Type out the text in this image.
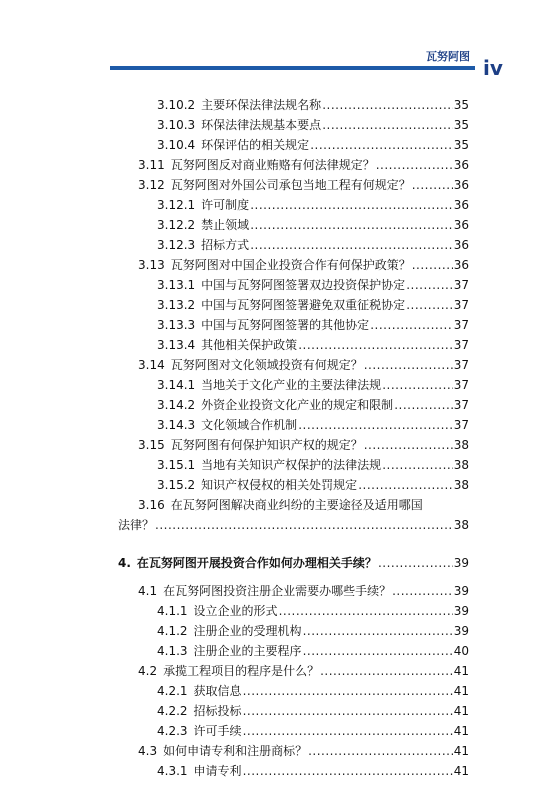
瓦努阿图 iv
3.10.2 主要环保法律法规名称 .....	35
3.10.3 环保法律法规基本要点 .....	35
3.10.4 环保评估的相关规定 .....	35
3.11 瓦努阿图反对商业贿赂有何法律规定？ .....	36
3.12 瓦努阿图对外国公司承包当地工程有何规定？ .....	36
3.12.1 许可制度 .....	36
3.12.2 禁止领域 .....	36
3.12.3 招标方式 .....	36
3.13 瓦努阿图对中国企业投资合作有何保护政策？ .....	36
3.13.1 中国与瓦努阿图签署双边投资保护协定 .....	37
3.13.2 中国与瓦努阿图签署避免双重征税协定 .....	37
3.13.3 中国与瓦努阿图签署的其他协定 .....	37
3.13.4 其他相关保护政策 .....	37
3.14 瓦努阿图对文化领域投资有何规定？ .....	37
3.14.1 当地关于文化产业的主要法律法规 .....	37
3.14.2 外资企业投资文化产业的规定和限制 .....	37
3.14.3 文化领域合作机制 .....	37
3.15 瓦努阿图有何保护知识产权的规定？ .....	38
3.15.1 当地有关知识产权保护的法律法规 .....	38
3.15.2 知识产权侵权的相关处罚规定 .....	38
3.16 在瓦努阿图解决商业纠纷的主要途径及适用哪国
法律？ .....	38
4. 在瓦努阿图开展投资合作如何办理相关手续？ .....	39
4.1 在瓦努阿图投资注册企业需要办哪些手续？ .....	39
4.1.1 设立企业的形式 .....	39
4.1.2 注册企业的受理机构 .....	39
4.1.3 注册企业的主要程序 .....	40
4.2 承揽工程项目的程序是什么？ .....	41
4.2.1 获取信息 .....	41
4.2.2 招标投标 .....	41
4.2.3 许可手续 .....	41
4.3 如何申请专利和注册商标？ .....	41
4.3.1 申请专利 .....	41
